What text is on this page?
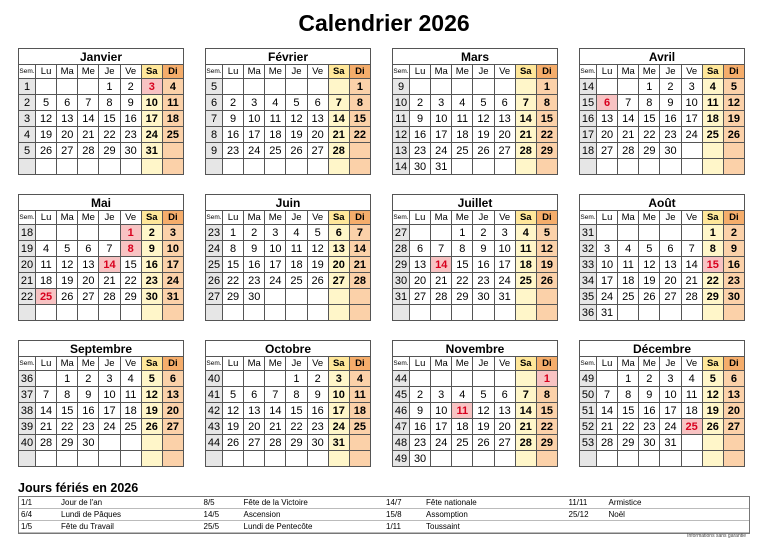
Calendrier 2026
Janvier							
Sem.	Lu	Ma	Me	Je	Ve	Sa	Di
1				1	2	3	4
2	5	6	7	8	9	10	11
3	12	13	14	15	16	17	18
4	19	20	21	22	23	24	25
5	26	27	28	29	30	31	

Février							
Sem.	Lu	Ma	Me	Je	Ve	Sa	Di
5							1
6	2	3	4	5	6	7	8
7	9	10	11	12	13	14	15
8	16	17	18	19	20	21	22
9	23	24	25	26	27	28	

Mars							
Sem.	Lu	Ma	Me	Je	Ve	Sa	Di
9							1
10	2	3	4	5	6	7	8
11	9	10	11	12	13	14	15
12	16	17	18	19	20	21	22
13	23	24	25	26	27	28	29
14	30	31					
Avril							
Sem.	Lu	Ma	Me	Je	Ve	Sa	Di
14			1	2	3	4	5
15	6	7	8	9	10	11	12
16	13	14	15	16	17	18	19
17	20	21	22	23	24	25	26
18	27	28	29	30			

Mai							
Sem.	Lu	Ma	Me	Je	Ve	Sa	Di
18					1	2	3
19	4	5	6	7	8	9	10
20	11	12	13	14	15	16	17
21	18	19	20	21	22	23	24
22	25	26	27	28	29	30	31

Juin							
Sem.	Lu	Ma	Me	Je	Ve	Sa	Di
23	1	2	3	4	5	6	7
24	8	9	10	11	12	13	14
25	15	16	17	18	19	20	21
26	22	23	24	25	26	27	28
27	29	30					

Juillet							
Sem.	Lu	Ma	Me	Je	Ve	Sa	Di
27			1	2	3	4	5
28	6	7	8	9	10	11	12
29	13	14	15	16	17	18	19
30	20	21	22	23	24	25	26
31	27	28	29	30	31		

Août							
Sem.	Lu	Ma	Me	Je	Ve	Sa	Di
31						1	2
32	3	4	5	6	7	8	9
33	10	11	12	13	14	15	16
34	17	18	19	20	21	22	23
35	24	25	26	27	28	29	30
36	31						
Septembre							
Sem.	Lu	Ma	Me	Je	Ve	Sa	Di
36		1	2	3	4	5	6
37	7	8	9	10	11	12	13
38	14	15	16	17	18	19	20
39	21	22	23	24	25	26	27
40	28	29	30				

Octobre							
Sem.	Lu	Ma	Me	Je	Ve	Sa	Di
40				1	2	3	4
41	5	6	7	8	9	10	11
42	12	13	14	15	16	17	18
43	19	20	21	22	23	24	25
44	26	27	28	29	30	31	

Novembre							
Sem.	Lu	Ma	Me	Je	Ve	Sa	Di
44							1
45	2	3	4	5	6	7	8
46	9	10	11	12	13	14	15
47	16	17	18	19	20	21	22
48	23	24	25	26	27	28	29
49	30						
Décembre							
Sem.	Lu	Ma	Me	Je	Ve	Sa	Di
49		1	2	3	4	5	6
50	7	8	9	10	11	12	13
51	14	15	16	17	18	19	20
52	21	22	23	24	25	26	27
53	28	29	30	31			

Jours fériés en 2026
1/1	Jour de l'an	8/5	Fête de la Victoire	14/7	Fête nationale	11/11	Armistice
6/4	Lundi de Pâques	14/5	Ascension	15/8	Assomption	25/12	Noël
1/5	Fête du Travail	25/5	Lundi de Pentecôte	1/11	Toussaint
Informations sans garantie
